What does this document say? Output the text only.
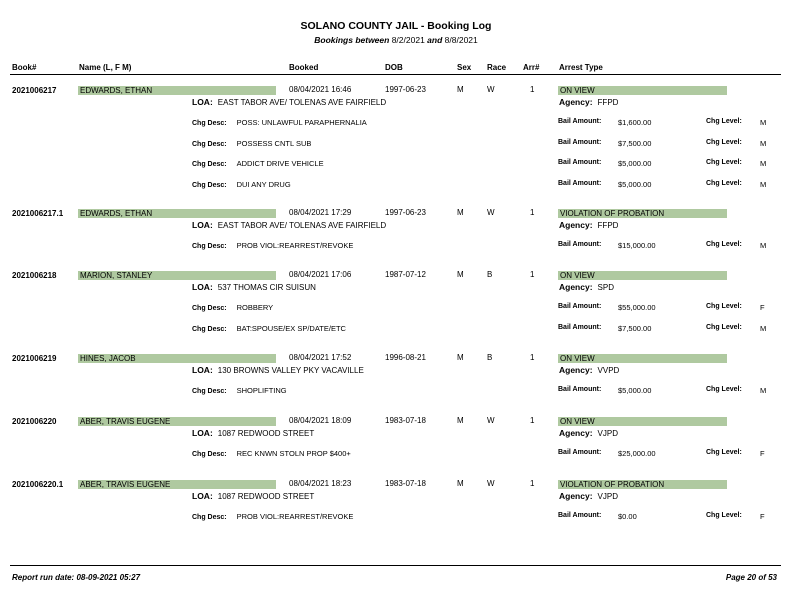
SOLANO COUNTY JAIL - Booking Log
Bookings between 8/2/2021 and 8/8/2021
Book#	Name (L, F M)	Booked	DOB	Sex Race Arr# Arrest Type
2021006217	EDWARDS, ETHAN	08/04/2021 16:46	1997-06-23	M	W	1	ON VIEW
LOA: EAST TABOR AVE/ TOLENAS AVE FAIRFIELD	Agency: FFPD
Chg Desc: POSS: UNLAWFUL PARAPHERNALIA	Bail Amount: $1,600.00	Chg Level: M
Chg Desc: POSSESS CNTL SUB	Bail Amount: $7,500.00	Chg Level: M
Chg Desc: ADDICT DRIVE VEHICLE	Bail Amount: $5,000.00	Chg Level: M
Chg Desc: DUI ANY DRUG	Bail Amount: $5,000.00	Chg Level: M
2021006217.1 EDWARDS, ETHAN	08/04/2021 17:29	1997-06-23	M	W	1	VIOLATION OF PROBATION
LOA: EAST TABOR AVE/ TOLENAS AVE FAIRFIELD	Agency: FFPD
Chg Desc: PROB VIOL:REARREST/REVOKE	Bail Amount: $15,000.00	Chg Level: M
2021006218	MARION, STANLEY	08/04/2021 17:06	1987-07-12	M	B	1	ON VIEW
LOA: 537 THOMAS CIR SUISUN	Agency: SPD
Chg Desc: ROBBERY	Bail Amount: $55,000.00	Chg Level: F
Chg Desc: BAT:SPOUSE/EX SP/DATE/ETC	Bail Amount: $7,500.00	Chg Level: M
2021006219	HINES, JACOB	08/04/2021 17:52	1996-08-21	M	B	1	ON VIEW
LOA: 130 BROWNS VALLEY PKY VACAVILLE	Agency: VVPD
Chg Desc: SHOPLIFTING	Bail Amount: $5,000.00	Chg Level: M
2021006220	ABER, TRAVIS EUGENE	08/04/2021 18:09	1983-07-18	M	W	1	ON VIEW
LOA: 1087 REDWOOD STREET	Agency: VJPD
Chg Desc: REC KNWN STOLN PROP $400+	Bail Amount: $25,000.00	Chg Level: F
2021006220.1 ABER, TRAVIS EUGENE	08/04/2021 18:23	1983-07-18	M	W	1	VIOLATION OF PROBATION
LOA: 1087 REDWOOD STREET	Agency: VJPD
Chg Desc: PROB VIOL:REARREST/REVOKE	Bail Amount: $0.00	Chg Level: F
Report run date: 08-09-2021 05:27	Page 20 of 53
